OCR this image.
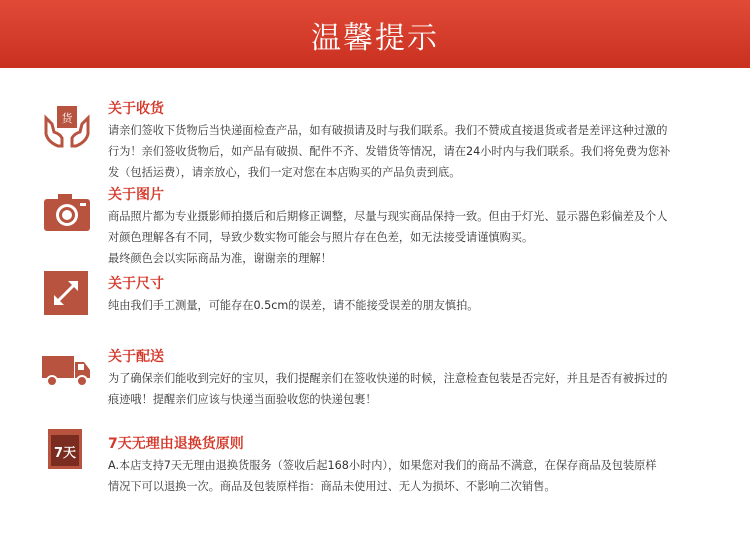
温馨提示
货
关于收货
请亲们签收下货物后当快递面检查产品，如有破损请及时与我们联系。我们不赞成直接退货或者是差评这种过激的
行为！亲们签收货物后，如产品有破损、配件不齐、发错货等情况，请在24小时内与我们联系。我们将免费为您补
发（包括运费），请亲放心，我们一定对您在本店购买的产品负责到底。
关于图片
商品照片都为专业摄影师拍摄后和后期修正调整，尽量与现实商品保持一致。但由于灯光、显示器色彩偏差及个人
对颜色理解各有不同，导致少数实物可能会与照片存在色差，如无法接受请谨慎购买。
最终颜色会以实际商品为准，谢谢亲的理解！
关于尺寸
纯由我们手工测量，可能存在0.5cm的误差，请不能接受误差的朋友慎拍。
关于配送
为了确保亲们能收到完好的宝贝，我们提醒亲们在签收快递的时候，注意检查包装是否完好，并且是否有被拆过的
痕迹哦！提醒亲们应该与快递当面验收您的快递包裹！
7天
7天无理由退换货原则
A.本店支持7天无理由退换货服务（签收后起168小时内），如果您对我们的商品不满意，在保存商品及包装原样
情况下可以退换一次。商品及包装原样指：商品未使用过、无人为损坏、不影响二次销售。
